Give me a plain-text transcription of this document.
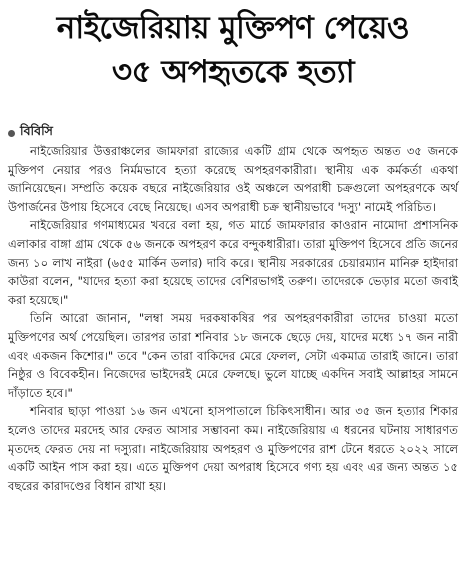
নাইজেরিয়ায় মুক্তিপণ পেয়েও
৩৫ অপহৃতকে হত্যা
বিবিসি

নাইজেরিয়ার উত্তরাঞ্চলের জামফারা রাজ্যের একটি গ্রাম থেকে অপহৃত অন্তত ৩৫ জনকে মুক্তিপণ নেয়ার পরও নির্মমভাবে হত্যা করেছে অপহরণকারীরা। স্থানীয় এক কর্মকর্তা একথা জানিয়েছেন। সম্প্রতি কয়েক বছরে নাইজেরিয়ার ওই অঞ্চলে অপরাধী চক্রগুলো অপহরণকে অর্থ উপার্জনের উপায় হিসেবে বেছে নিয়েছে। এসব অপরাধী চক্র স্থানীয়ভাবে 'দস্যু' নামেই পরিচিত।

নাইজেরিয়ার গণমাধ্যমের খবরে বলা হয়, গত মার্চে জামফারার কাওরান নামোদা প্রশাসনিক এলাকার বাঙ্গা গ্রাম থেকে ৫৬ জনকে অপহরণ করে বন্দুকধারীরা। তারা মুক্তিপণ হিসেবে প্রতি জনের জন্য ১০ লাখ নাইরা (৬৫৫ মার্কিন ডলার) দাবি করে। স্থানীয় সরকারের চেয়ারম্যান মানিরু হাইদারা কাউরা বলেন, "যাদের হত্যা করা হয়েছে তাদের বেশিরভাগই তরুণ। তাদেরকে ভেড়ার মতো জবাই করা হয়েছে।"

তিনি আরো জানান, "লম্বা সময় দরকষাকষির পর অপহরণকারীরা তাদের চাওয়া মতো মুক্তিপণের অর্থ পেয়েছিল। তারপর তারা শনিবার ১৮ জনকে ছেড়ে দেয়, যাদের মধ্যে ১৭ জন নারী এবং একজন কিশোর।" তবে "কেন তারা বাকিদের মেরে ফেলল, সেটা একমাত্র তারাই জানে। তারা নিষ্ঠুর ও বিবেকহীন। নিজেদের ভাইদেরই মেরে ফেলছে। ভুলে যাচ্ছে একদিন সবাই আল্লাহর সামনে দাঁড়াতে হবে।"

শনিবার ছাড়া পাওয়া ১৬ জন এখনো হাসপাতালে চিকিৎসাধীন। আর ৩৫ জন হত্যার শিকার হলেও তাদের মরদেহ আর ফেরত আসার সম্ভাবনা কম। নাইজেরিয়ায় এ ধরনের ঘটনায় সাধারণত মৃতদেহ ফেরত দেয় না দস্যুরা। নাইজেরিয়ায় অপহরণ ও মুক্তিপণের রাশ টেনে ধরতে ২০২২ সালে একটি আইন পাস করা হয়। এতে মুক্তিপণ দেয়া অপরাধ হিসেবে গণ্য হয় এবং এর জন্য অন্তত ১৫ বছরের কারাদণ্ডের বিধান রাখা হয়।
